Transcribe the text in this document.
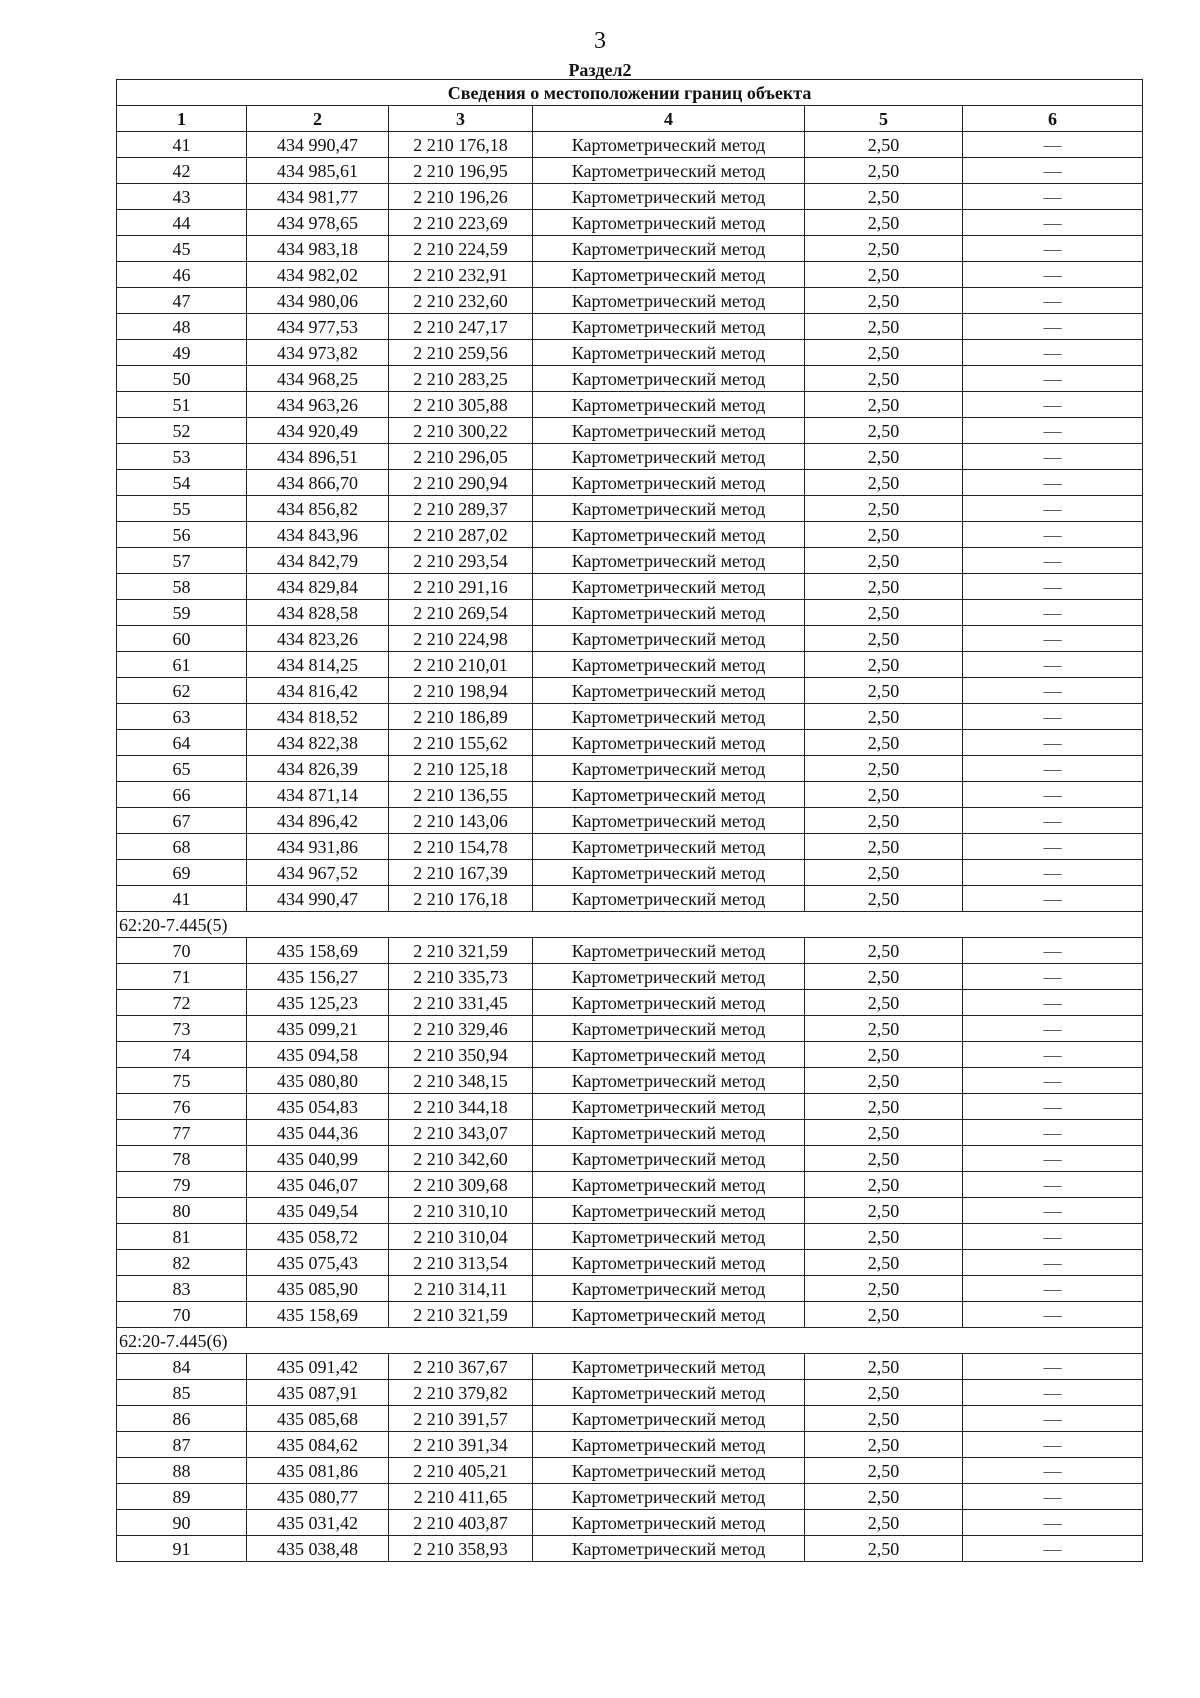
3
Раздел2
Сведения о местоположении границ объекта					
1	2	3	4	5	6
41	434 990,47	2 210 176,18	Картометрический метод	2,50	—
42	434 985,61	2 210 196,95	Картометрический метод	2,50	—
43	434 981,77	2 210 196,26	Картометрический метод	2,50	—
44	434 978,65	2 210 223,69	Картометрический метод	2,50	—
45	434 983,18	2 210 224,59	Картометрический метод	2,50	—
46	434 982,02	2 210 232,91	Картометрический метод	2,50	—
47	434 980,06	2 210 232,60	Картометрический метод	2,50	—
48	434 977,53	2 210 247,17	Картометрический метод	2,50	—
49	434 973,82	2 210 259,56	Картометрический метод	2,50	—
50	434 968,25	2 210 283,25	Картометрический метод	2,50	—
51	434 963,26	2 210 305,88	Картометрический метод	2,50	—
52	434 920,49	2 210 300,22	Картометрический метод	2,50	—
53	434 896,51	2 210 296,05	Картометрический метод	2,50	—
54	434 866,70	2 210 290,94	Картометрический метод	2,50	—
55	434 856,82	2 210 289,37	Картометрический метод	2,50	—
56	434 843,96	2 210 287,02	Картометрический метод	2,50	—
57	434 842,79	2 210 293,54	Картометрический метод	2,50	—
58	434 829,84	2 210 291,16	Картометрический метод	2,50	—
59	434 828,58	2 210 269,54	Картометрический метод	2,50	—
60	434 823,26	2 210 224,98	Картометрический метод	2,50	—
61	434 814,25	2 210 210,01	Картометрический метод	2,50	—
62	434 816,42	2 210 198,94	Картометрический метод	2,50	—
63	434 818,52	2 210 186,89	Картометрический метод	2,50	—
64	434 822,38	2 210 155,62	Картометрический метод	2,50	—
65	434 826,39	2 210 125,18	Картометрический метод	2,50	—
66	434 871,14	2 210 136,55	Картометрический метод	2,50	—
67	434 896,42	2 210 143,06	Картометрический метод	2,50	—
68	434 931,86	2 210 154,78	Картометрический метод	2,50	—
69	434 967,52	2 210 167,39	Картометрический метод	2,50	—
41	434 990,47	2 210 176,18	Картометрический метод	2,50	—
62:20-7.445(5)					
70	435 158,69	2 210 321,59	Картометрический метод	2,50	—
71	435 156,27	2 210 335,73	Картометрический метод	2,50	—
72	435 125,23	2 210 331,45	Картометрический метод	2,50	—
73	435 099,21	2 210 329,46	Картометрический метод	2,50	—
74	435 094,58	2 210 350,94	Картометрический метод	2,50	—
75	435 080,80	2 210 348,15	Картометрический метод	2,50	—
76	435 054,83	2 210 344,18	Картометрический метод	2,50	—
77	435 044,36	2 210 343,07	Картометрический метод	2,50	—
78	435 040,99	2 210 342,60	Картометрический метод	2,50	—
79	435 046,07	2 210 309,68	Картометрический метод	2,50	—
80	435 049,54	2 210 310,10	Картометрический метод	2,50	—
81	435 058,72	2 210 310,04	Картометрический метод	2,50	—
82	435 075,43	2 210 313,54	Картометрический метод	2,50	—
83	435 085,90	2 210 314,11	Картометрический метод	2,50	—
70	435 158,69	2 210 321,59	Картометрический метод	2,50	—
62:20-7.445(6)					
84	435 091,42	2 210 367,67	Картометрический метод	2,50	—
85	435 087,91	2 210 379,82	Картометрический метод	2,50	—
86	435 085,68	2 210 391,57	Картометрический метод	2,50	—
87	435 084,62	2 210 391,34	Картометрический метод	2,50	—
88	435 081,86	2 210 405,21	Картометрический метод	2,50	—
89	435 080,77	2 210 411,65	Картометрический метод	2,50	—
90	435 031,42	2 210 403,87	Картометрический метод	2,50	—
91	435 038,48	2 210 358,93	Картометрический метод	2,50	—
